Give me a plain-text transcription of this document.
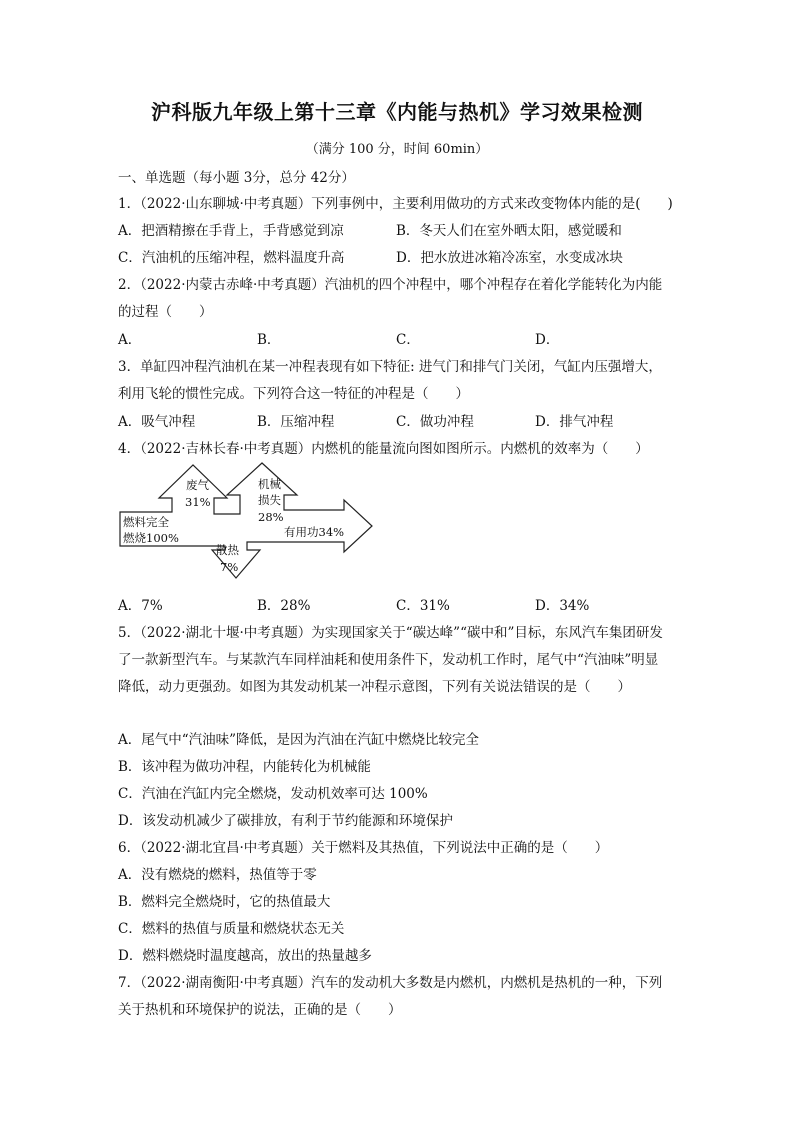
沪科版九年级上第十三章《内能与热机》学习效果检测
（满分 100 分，时间 60min）
一、单选题（每小题 3分，总分 42分）
1．（2022·山东聊城·中考真题）下列事例中，主要利用做功的方式来改变物体内能的是(　　)
A．把酒精擦在手背上，手背感觉到凉	B．冬天人们在室外晒太阳，感觉暖和
C．汽油机的压缩冲程，燃料温度升高	D．把水放进冰箱冷冻室，水变成冰块
2．（2022·内蒙古赤峰·中考真题）汽油机的四个冲程中，哪个冲程存在着化学能转化为内能
的过程（　　）
A．	B．	C．	D．
3．单缸四冲程汽油机在某一冲程表现有如下特征: 进气门和排气门关闭，气缸内压强增大，
利用飞轮的惯性完成。下列符合这一特征的冲程是（　　）
A．吸气冲程	B．压缩冲程	C．做功冲程	D．排气冲程
4．（2022·吉林长春·中考真题）内燃机的能量流向图如图所示。内燃机的效率为（　　）
燃料完全
燃烧100%
废气
31%
机械
损失
28%
有用功34%
散热
7%
A．7%	B．28%	C．31%	D．34%
5．（2022·湖北十堰·中考真题）为实现国家关于“碳达峰”“碳中和”目标，东风汽车集团研发
了一款新型汽车。与某款汽车同样油耗和使用条件下，发动机工作时，尾气中“汽油味”明显
降低，动力更强劲。如图为其发动机某一冲程示意图，下列有关说法错误的是（　　）
A．尾气中“汽油味”降低，是因为汽油在汽缸中燃烧比较完全
B．该冲程为做功冲程，内能转化为机械能
C．汽油在汽缸内完全燃烧，发动机效率可达 100%
D．该发动机减少了碳排放，有利于节约能源和环境保护
6．（2022·湖北宜昌·中考真题）关于燃料及其热值，下列说法中正确的是（　　）
A．没有燃烧的燃料，热值等于零
B．燃料完全燃烧时，它的热值最大
C．燃料的热值与质量和燃烧状态无关
D．燃料燃烧时温度越高，放出的热量越多
7．（2022·湖南衡阳·中考真题）汽车的发动机大多数是内燃机，内燃机是热机的一种，下列
关于热机和环境保护的说法，正确的是（　　）
